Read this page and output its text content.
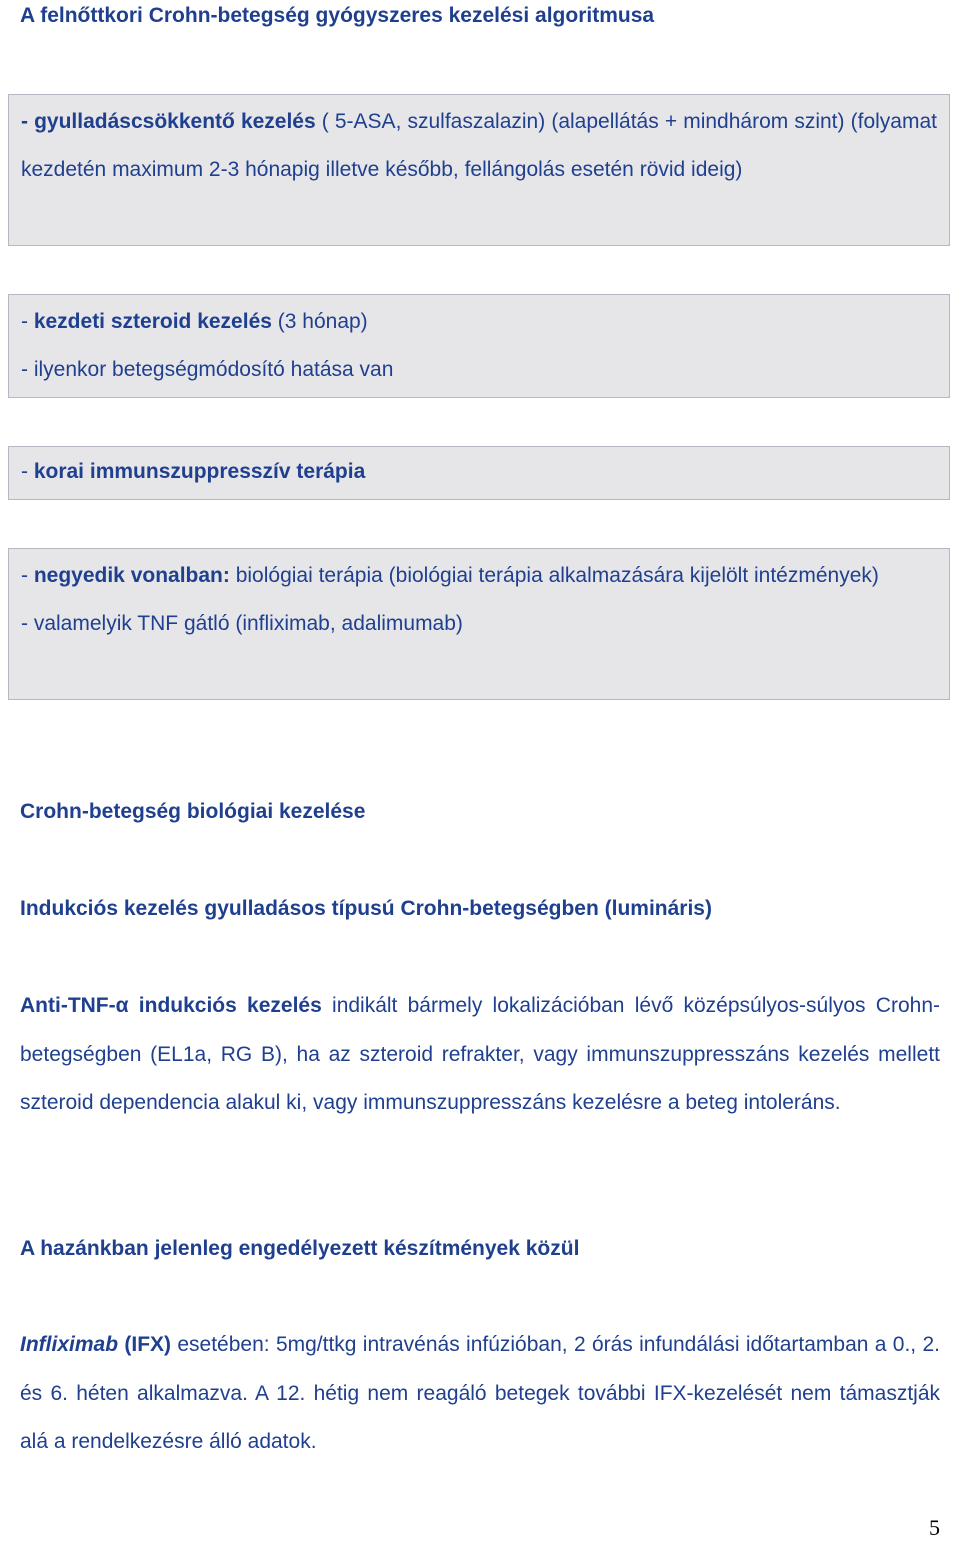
A felnőttkori Crohn-betegség gyógyszeres kezelési algoritmusa

- gyulladáscsökkentő kezelés ( 5-ASA, szulfaszalazin) (alapellátás + mindhárom szint) (folyamat kezdetén maximum 2-3 hónapig illetve később, fellángolás esetén rövid ideig)

- kezdeti szteroid kezelés (3 hónap)

- ilyenkor betegségmódosító hatása van

- korai immunszuppresszív terápia

- negyedik vonalban: biológiai terápia (biológiai terápia alkalmazására kijelölt intézmények)

- valamelyik TNF gátló (infliximab, adalimumab)

Crohn-betegség biológiai kezelése
Indukciós kezelés gyulladásos típusú Crohn-betegségben (lumináris)

Anti-TNF-α indukciós kezelés indikált bármely lokalizációban lévő középsúlyos-súlyos Crohn-betegségben (EL1a, RG B), ha az szteroid refrakter, vagy immunszuppresszáns kezelés mellett szteroid dependencia alakul ki, vagy immunszuppresszáns kezelésre a beteg intoleráns.

A hazánkban jelenleg engedélyezett készítmények közül

Infliximab (IFX) esetében: 5mg/ttkg intravénás infúzióban, 2 órás infundálási időtartamban a 0., 2. és 6. héten alkalmazva. A 12. hétig nem reagáló betegek további IFX-kezelését nem támasztják alá a rendelkezésre álló adatok.

5
